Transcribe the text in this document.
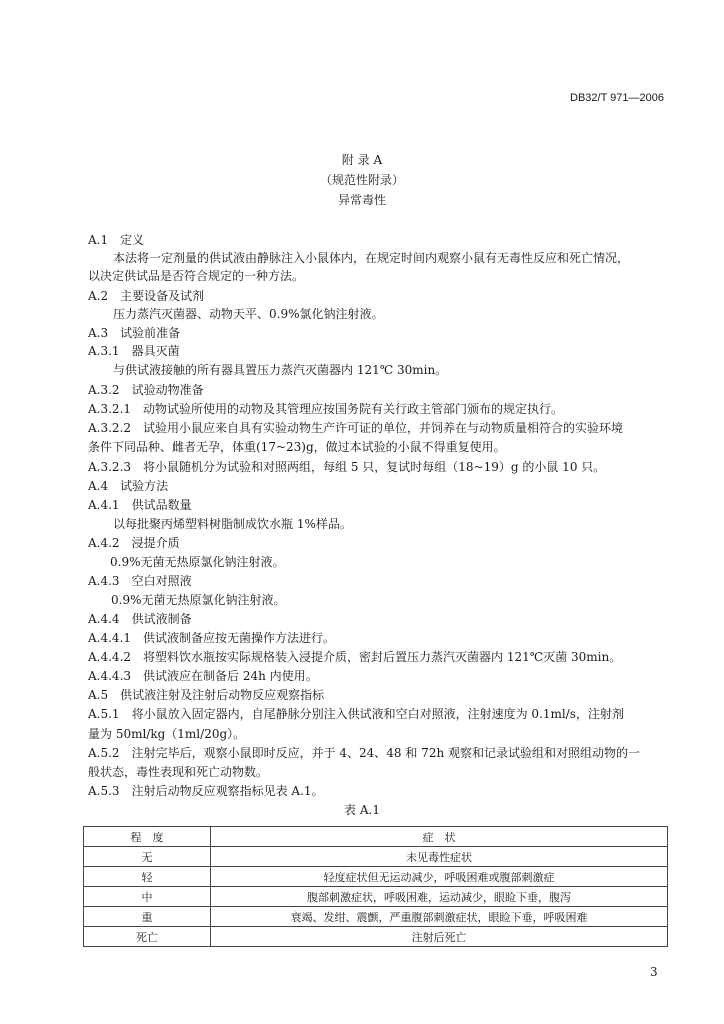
DB32/T 971—2006
附 录 A
（规范性附录）
异常毒性
A.1　定义
本法将一定剂量的供试液由静脉注入小鼠体内，在规定时间内观察小鼠有无毒性反应和死亡情况，
以决定供试品是否符合规定的一种方法。
A.2　主要设备及试剂
压力蒸汽灭菌器、动物天平、0.9%氯化钠注射液。
A.3　试验前准备
A.3.1　器具灭菌
与供试液接触的所有器具置压力蒸汽灭菌器内 121℃ 30min。
A.3.2　试验动物准备
A.3.2.1　动物试验所使用的动物及其管理应按国务院有关行政主管部门颁布的规定执行。
A.3.2.2　试验用小鼠应来自具有实验动物生产许可证的单位，并饲养在与动物质量相符合的实验环境
条件下同品种、雌者无孕，体重(17~23)g，做过本试验的小鼠不得重复使用。
A.3.2.3　将小鼠随机分为试验和对照两组，每组 5 只，复试时每组（18~19）g 的小鼠 10 只。
A.4　试验方法
A.4.1　供试品数量
以每批聚丙烯塑料树脂制成饮水瓶 1%样品。
A.4.2　浸提介质
0.9%无菌无热原氯化钠注射液。
A.4.3　空白对照液
0.9%无菌无热原氯化钠注射液。
A.4.4　供试液制备
A.4.4.1　供试液制备应按无菌操作方法进行。
A.4.4.2　将塑料饮水瓶按实际规格装入浸提介质，密封后置压力蒸汽灭菌器内 121℃灭菌 30min。
A.4.4.3　供试液应在制备后 24h 内使用。
A.5　供试液注射及注射后动物反应观察指标
A.5.1　将小鼠放入固定器内，自尾静脉分别注入供试液和空白对照液，注射速度为 0.1ml/s，注射剂
量为 50ml/kg（1ml/20g）。
A.5.2　注射完毕后，观察小鼠即时反应，并于 4、24、48 和 72h 观察和记录试验组和对照组动物的一
般状态，毒性表现和死亡动物数。
A.5.3　注射后动物反应观察指标见表 A.1。
表 A.1
程　度	症　状
无	未见毒性症状
轻	轻度症状但无运动减少，呼吸困难或腹部刺激症
中	腹部刺激症状，呼吸困难，运动减少，眼睑下垂，腹泻
重	衰竭、发绀、震颤，严重腹部刺激症状，眼睑下垂，呼吸困难
死亡	注射后死亡
3
